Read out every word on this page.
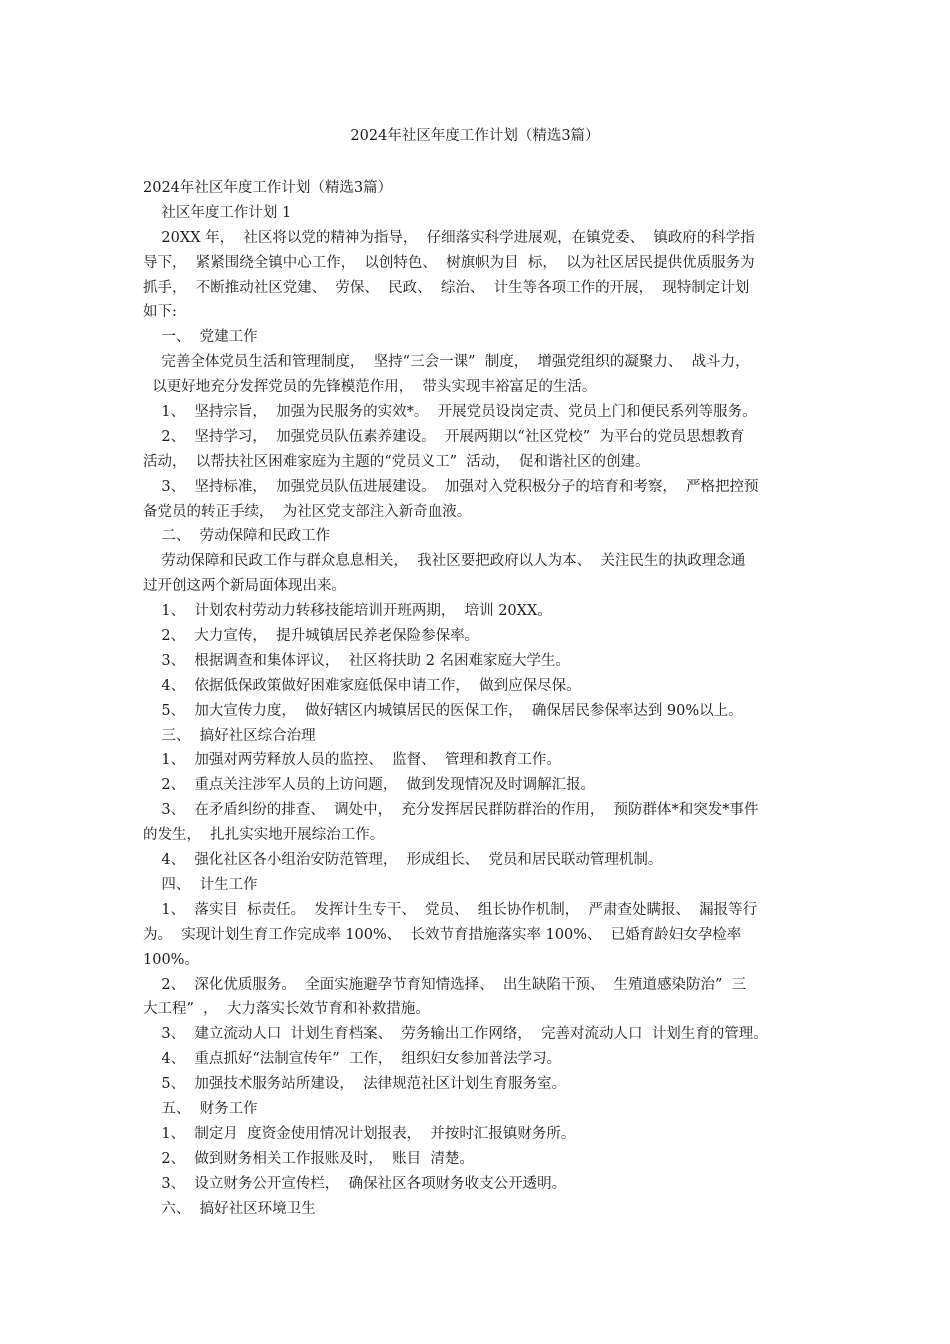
2024年社区年度工作计划（精选3篇）
2024年社区年度工作计划（精选3篇）
社区年度工作计划 1
20XX 年，  社区将以党的精神为指导，  仔细落实科学进展观，在镇党委、  镇政府的科学指
导下，  紧紧围绕全镇中心工作，  以创特色、  树旗帜为目  标，  以为社区居民提供优质服务为
抓手，  不断推动社区党建、  劳保、  民政、  综治、  计生等各项工作的开展，  现特制定计划
如下:
一、  党建工作
完善全体党员生活和管理制度，  坚持“三会一课”  制度，  增强党组织的凝聚力、  战斗力，
以更好地充分发挥党员的先锋模范作用，  带头实现丰裕富足的生活。
1、  坚持宗旨，  加强为民服务的实效*。  开展党员设岗定责、党员上门和便民系列等服务。
2、  坚持学习，  加强党员队伍素养建设。  开展两期以“社区党校”  为平台的党员思想教育
活动，  以帮扶社区困难家庭为主题的“党员义工”  活动，  促和谐社区的创建。
3、  坚持标准，  加强党员队伍进展建设。  加强对入党积极分子的培育和考察，  严格把控预
备党员的转正手续，  为社区党支部注入新奇血液。
二、  劳动保障和民政工作
劳动保障和民政工作与群众息息相关，  我社区要把政府以人为本、  关注民生的执政理念通
过开创这两个新局面体现出来。
1、  计划农村劳动力转移技能培训开班两期，  培训 20XX。
2、  大力宣传，  提升城镇居民养老保险参保率。
3、  根据调查和集体评议，  社区将扶助 2 名困难家庭大学生。
4、  依据低保政策做好困难家庭低保申请工作，  做到应保尽保。
5、  加大宣传力度，  做好辖区内城镇居民的医保工作，  确保居民参保率达到 90%以上。
三、  搞好社区综合治理
1、  加强对两劳释放人员的监控、  监督、  管理和教育工作。
2、  重点关注涉军人员的上访问题，  做到发现情况及时调解汇报。
3、  在矛盾纠纷的排查、  调处中，  充分发挥居民群防群治的作用，  预防群体*和突发*事件
的发生，  扎扎实实地开展综治工作。
4、  强化社区各小组治安防范管理，  形成组长、  党员和居民联动管理机制。
四、  计生工作
1、  落实目  标责任。  发挥计生专干、  党员、  组长协作机制，  严肃查处瞒报、  漏报等行
为。  实现计划生育工作完成率 100%、  长效节育措施落实率 100%、  已婚育龄妇女孕检率
100%。
2、  深化优质服务。  全面实施避孕节育知情选择、  出生缺陷干预、  生殖道感染防治”  三
大工程”  ，  大力落实长效节育和补救措施。
3、  建立流动人口  计划生育档案、  劳务输出工作网络，  完善对流动人口  计划生育的管理。
4、  重点抓好“法制宣传年”  工作，  组织妇女参加普法学习。
5、  加强技术服务站所建设，  法律规范社区计划生育服务室。
五、  财务工作
1、  制定月  度资金使用情况计划报表，  并按时汇报镇财务所。
2、  做到财务相关工作报账及时，  账目  清楚。
3、  设立财务公开宣传栏，  确保社区各项财务收支公开透明。
六、  搞好社区环境卫生
